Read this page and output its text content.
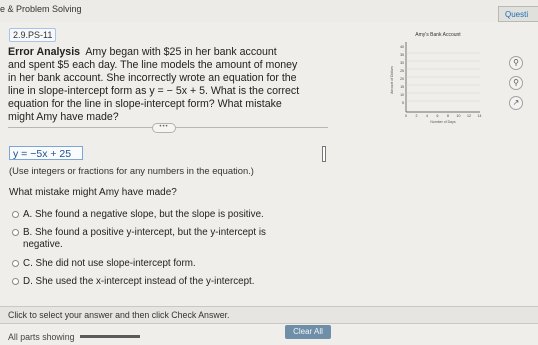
e & Problem Solving
Questi
2.9.PS-11
Error Analysis Amy began with $25 in her bank account
and spent $5 each day. The line models the amount of money
in her bank account. She incorrectly wrote an equation for the
line in slope-intercept form as y = − 5x + 5. What is the correct
equation for the line in slope-intercept form? What mistake
might Amy have made?
Amy's Bank Account
40
35
30
25
20
15
10
5
0 2 4 6 8 10 12 14
Number of Days
Amount of Dollars
⚲
⚲
↗
•••
y = −5x + 25
(Use integers or fractions for any numbers in the equation.)
What mistake might Amy have made?
A. She found a negative slope, but the slope is positive.
B. She found a positive y-intercept, but the y-intercept is
negative.
C. She did not use slope-intercept form.
D. She used the x-intercept instead of the y-intercept.
Click to select your answer and then click Check Answer.
All parts showing
Clear All
